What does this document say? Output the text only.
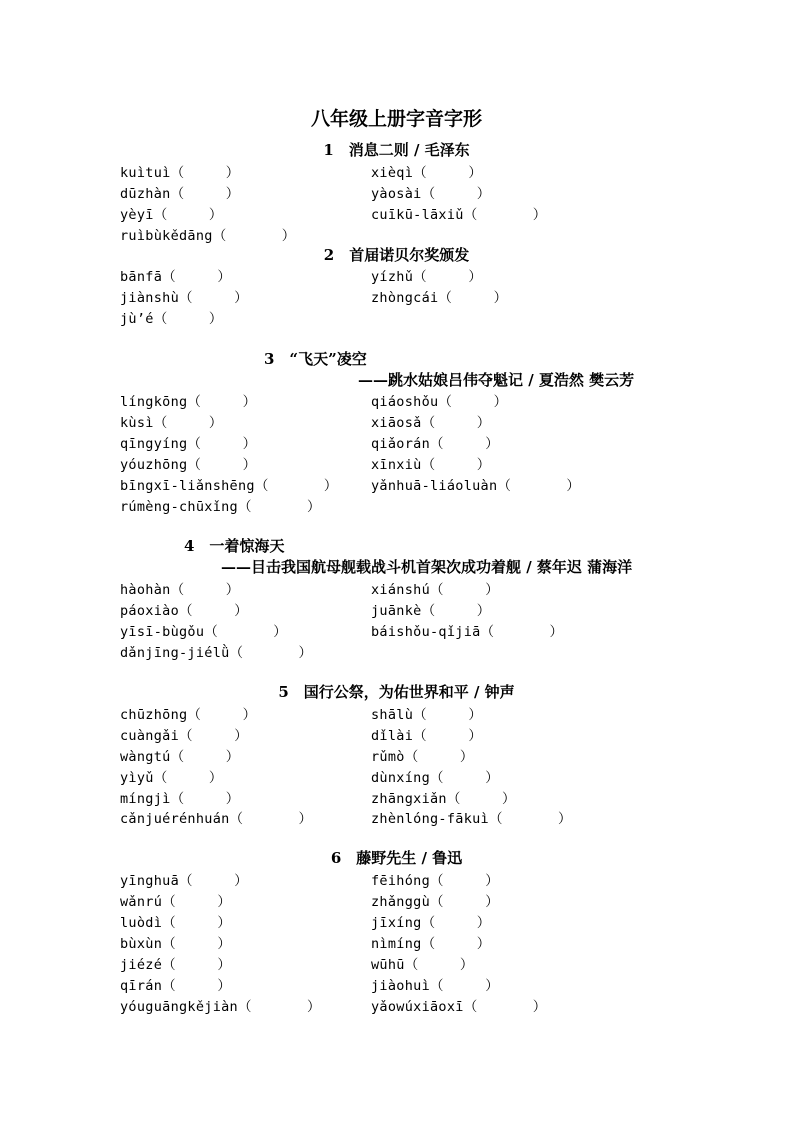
八年级上册字音字形
1　消息二则 / 毛泽东
kuìtuì（　　　）	xièqì（　　　）
dūzhàn（　　　）	yàosài（　　　）
yèyī（　　　）	cuīkū-lāxiǔ（　　　　）
ruìbùkědāng（　　　　）
2　首届诺贝尔奖颁发
bānfā（　　　）	yízhǔ（　　　）
jiànshù（　　　）	zhòngcái（　　　）
jù’é（　　　）
3　“飞天”凌空
——跳水姑娘吕伟夺魁记 / 夏浩然 樊云芳
língkōng（　　　）	qiáoshǒu（　　　）
kùsì（　　　）	xiāosǎ（　　　）
qīngyíng（　　　）	qiǎorán（　　　）
yóuzhōng（　　　）	xīnxiù（　　　）
bīngxī-liǎnshēng（　　　　） yǎnhuā-liáoluàn（　　　　）
rúmèng-chūxǐng（　　　　）
4　一着惊海天
——目击我国航母舰载战斗机首架次成功着舰 / 蔡年迟 蒲海洋
hàohàn（　　　）	xiánshú（　　　）
páoxiào（　　　）	juānkè（　　　）
yīsī-bùgǒu（　　　　）	báishǒu-qǐjiā（　　　　）
dǎnjīng-jiélǜ（　　　　）
5　国行公祭，为佑世界和平 / 钟声
chūzhōng（　　　）	shālù（　　　）
cuàngǎi（　　　）	dǐlài（　　　）
wàngtú（　　　）	rǔmò（　　　）
yìyǔ（　　　）	dùnxíng（　　　）
míngjì（　　　）	zhāngxiǎn（　　　）
cǎnjuérénhuán（　　　　）	zhènlóng-fākuì（　　　　）
6　藤野先生 / 鲁迅
yīnghuā（　　　）	fēihóng（　　　）
wǎnrú（　　　）	zhǎnggù（　　　）
luòdì（　　　）	jīxíng（　　　）
bùxùn（　　　）	nìmíng（　　　）
jiézé（　　　）	wūhū（　　　）
qīrán（　　　）	jiàohuì（　　　）
yóuguāngkějiàn（　　　　）	yǎowúxiāoxī（　　　　）
